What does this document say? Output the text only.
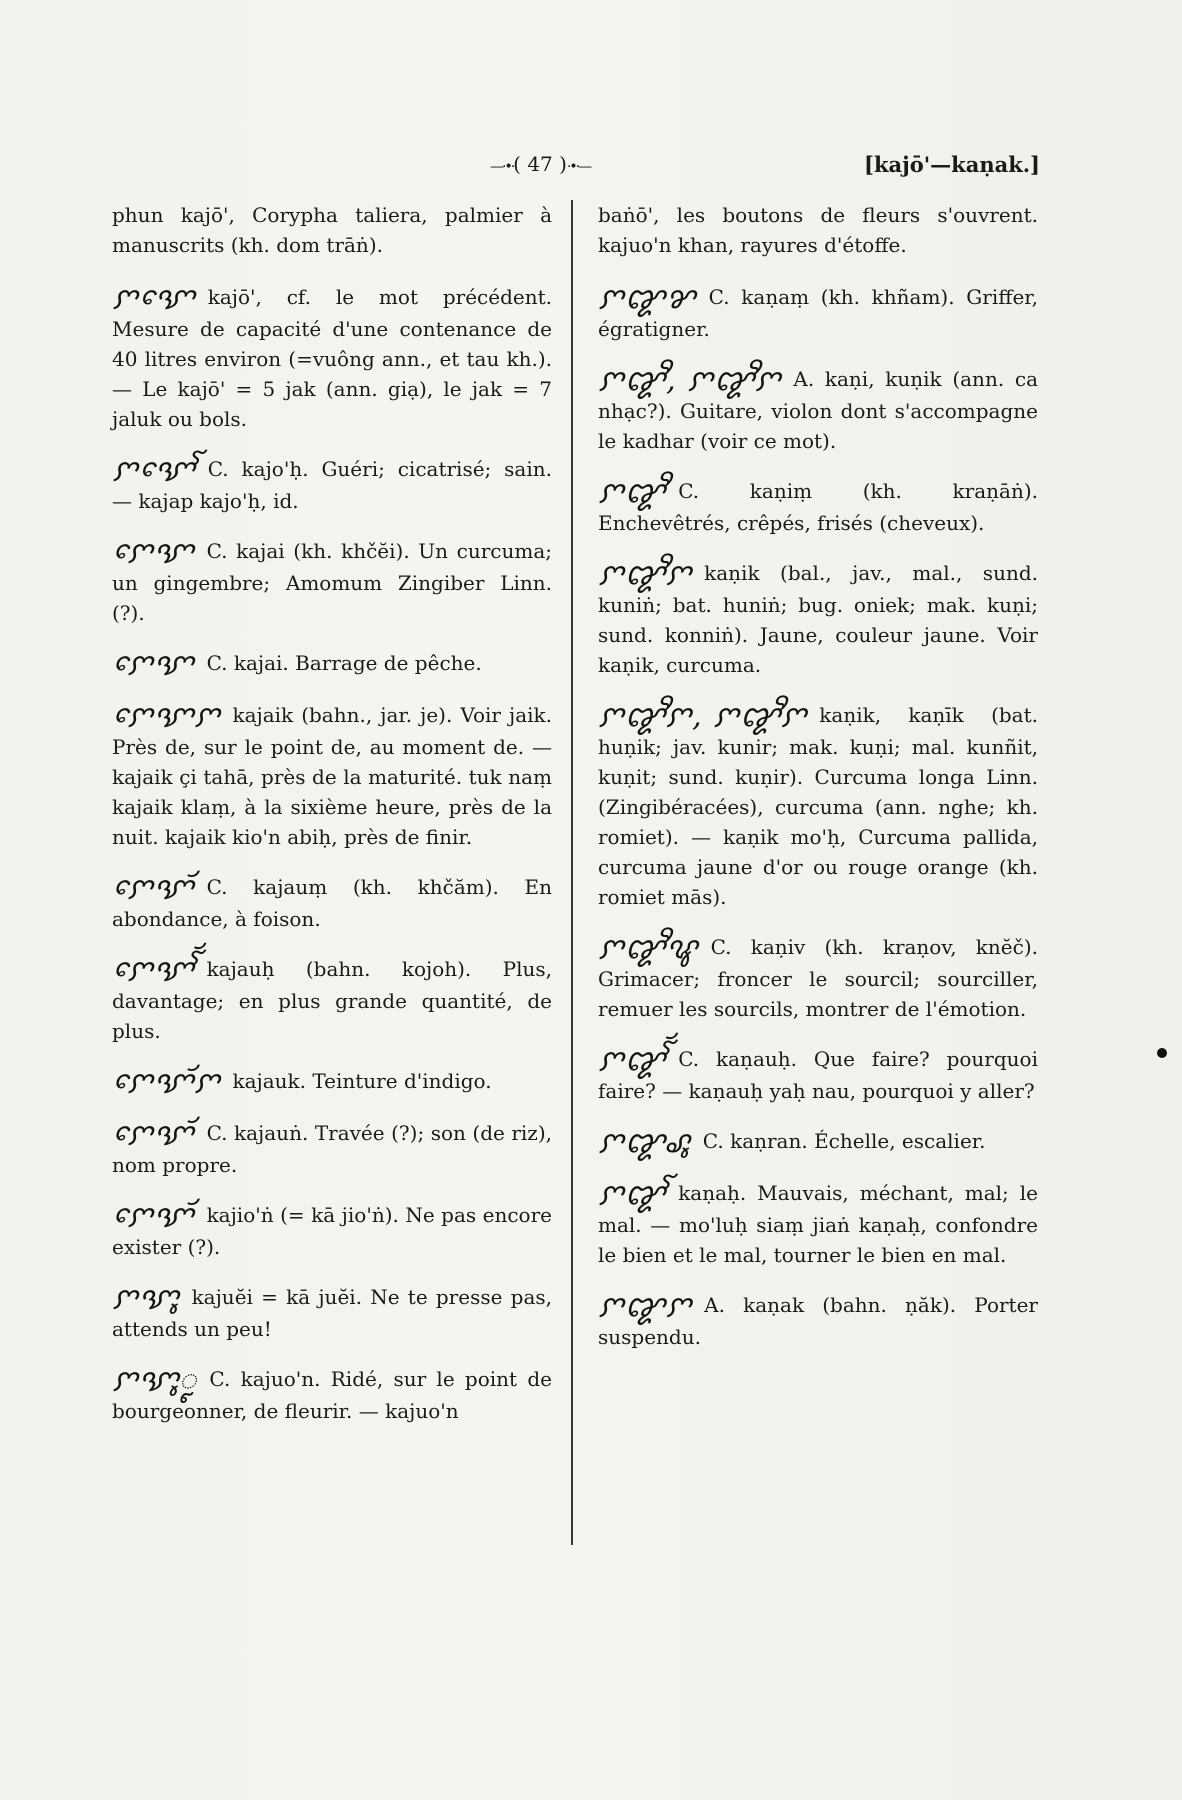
—·•·( 47 )·•·—	[kajō'—kaṇak.]
phun kajō', Corypha taliera, palmier à manuscrits (kh. dom trāṅ).
ꨆꨎꨯ kajō', cf. le mot précédent. Mesure de capacité d'une contenance de 40 litres environ (=vuông ann., et tau kh.). — Le kajō' = 5 jak (ann. giạ), le jak = 7 jaluk ou bols.
ꨆꨎꨯꨱ C. kajo'ḥ. Guéri; cicatrisé; sain. — kajap kajo'ḥ, id.
ꨆꨯꨎ C. kajai (kh. khčĕi). Un curcuma; un gingembre; Amomum Zingiber Linn. (?).
ꨆꨯꨎ C. kajai. Barrage de pêche.
ꨆꨯꨎꨆ kajaik (bahn., jar. je). Voir jaik. Près de, sur le point de, au moment de. — kajaik çi tahā, près de la maturité. tuk naṃ kajaik klaṃ, à la sixième heure, près de la nuit. kajaik kio'n abiḥ, près de finir.
ꨆꨯꨎꨮ C. kajauṃ (kh. khčăm). En abondance, à foison.
ꨆꨯꨎꨮꨱ kajauḥ (bahn. kojoh). Plus, davantage; en plus grande quantité, de plus.
ꨆꨯꨎꨮꨆ kajauk. Teinture d'indigo.
ꨆꨯꨎꨮ C. kajauṅ. Travée (?); son (de riz), nom propre.
ꨆꨯꨎꨮ kajio'ṅ (= kā jio'ṅ). Ne pas encore exister (?).
ꨆꨎꨶ kajuĕi = kā juĕi. Ne te presse pas, attends un peu!
ꨆꨎꨶꨵ C. kajuo'n. Ridé, sur le point de bourgeonner, de fleurir. — kajuo'n
baṅō', les boutons de fleurs s'ouvrent. kajuo'n khan, rayures d'étoffe.
ꨆꨑꨌ C. kaṇaṃ (kh. khñam). Griffer, égratigner.
ꨆꨑꨪ, ꨆꨑꨪꨆ A. kaṇi, kuṇik (ann. ca nhạc?). Guitare, violon dont s'accompagne le kadhar (voir ce mot).
ꨆꨑꨪ C. kaṇiṃ (kh. kraṇāṅ). Enchevêtrés, crêpés, frisés (cheveux).
ꨆꨑꨪꨆ kaṇik (bal., jav., mal., sund. kuniṅ; bat. huniṅ; bug. oniek; mak. kuṇi; sund. konniṅ). Jaune, couleur jaune. Voir kaṇik, curcuma.
ꨆꨑꨪꨆ, ꨆꨑꨪꨆ kaṇik, kaṇīk (bat. huṇik; jav. kunir; mak. kuṇi; mal. kunñit, kuṇit; sund. kuṇir). Curcuma longa Linn. (Zingibéracées), curcuma (ann. nghe; kh. romiet). — kaṇik mo'ḥ, Curcuma pallida, curcuma jaune d'or ou rouge orange (kh. romiet mās).
ꨆꨑꨪꨥ C. kaṇiv (kh. kraṇov, knĕč). Grimacer; froncer le sourcil; sourciller, remuer les sourcils, montrer de l'émotion.
ꨆꨑꨮꨱ C. kaṇauḥ. Que faire? pourquoi faire? — kaṇauḥ yaḥ nau, pourquoi y aller?
ꨆꨑꨣꨶ C. kaṇran. Échelle, escalier.
ꨆꨑꨱ kaṇaḥ. Mauvais, méchant, mal; le mal. — mo'luḥ siaṃ jiaṅ kaṇaḥ, confondre le bien et le mal, tourner le bien en mal.
ꨆꨑꨆ A. kaṇak (bahn. ṇăk). Porter suspendu.
